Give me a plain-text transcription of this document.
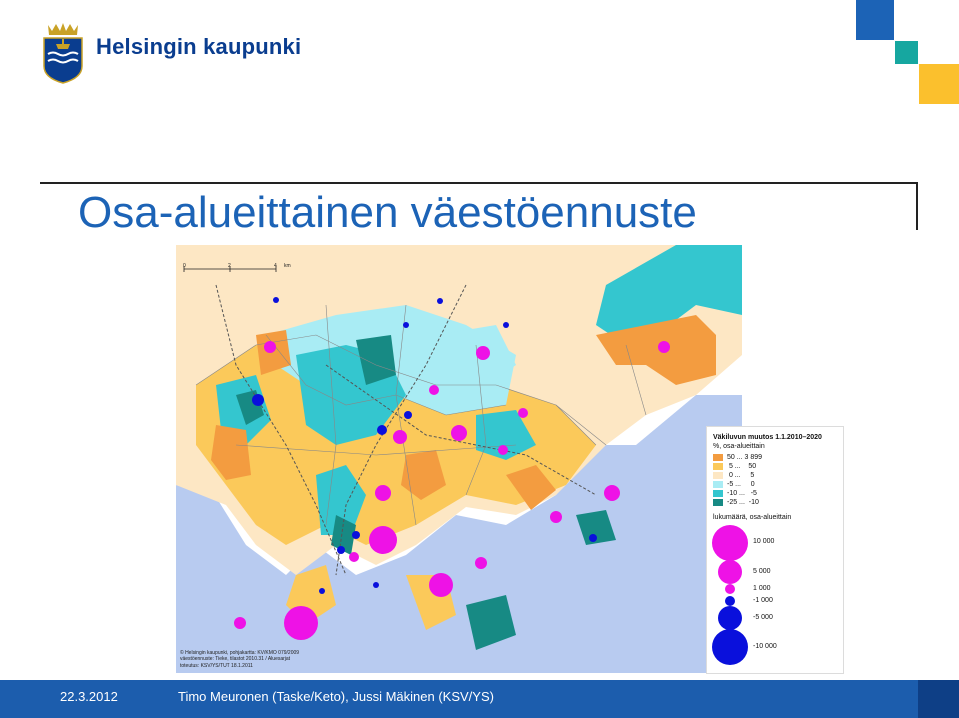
Helsingin kaupunki
Osa-alueittainen väestöennuste
0	2	4 km
© Helsingin kaupunki, pohjakartta: KV/KMO 079/2009
väestöennuste: Tieke, tilastot 2010.31 / Aluesarjat
toteutus: KSV/YS/TUT 18.1.2011
Väkiluvun muutos 1.1.2010–2020
%, osa-alueittain
50 ... 3 899
5 ...    50
0 ...     5
-5 ...     0
-10 ...   -5
-25 ...  -10
lukumäärä, osa-alueittain
10 000
5 000
1 000
-1 000
-5 000
-10 000
22.3.2012	Timo Meuronen (Taske/Keto), Jussi Mäkinen (KSV/YS)
